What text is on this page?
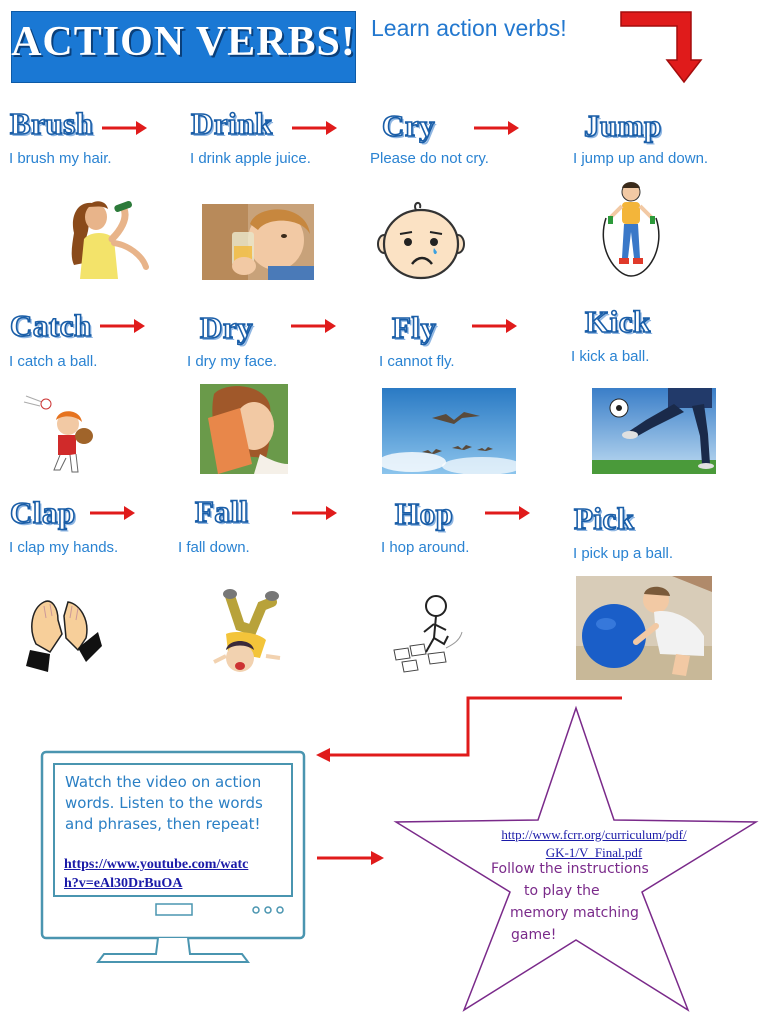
ACTION VERBS! Learn action verbs!
Brush	Drink	Cry	Jump
I brush my hair.	I drink apple juice.	Please do not cry.	I jump up and down.
Catch	Dry	Fly	Kick
I catch a ball.	I dry my face.	I cannot fly.	I kick a ball.
Clap	Fall	Hop	Pick
I clap my hands.	I fall down.	I hop around.	I pick up a ball.
Watch the video on action
words. Listen to the words
and phrases, then repeat!
https://www.youtube.com/watc
h?v=eAl30DrBuOA
http://www.fcrr.org/curriculum/pdf/
GK-1/V_Final.pdf
Follow the instructions
to play the
memory matching
game!
